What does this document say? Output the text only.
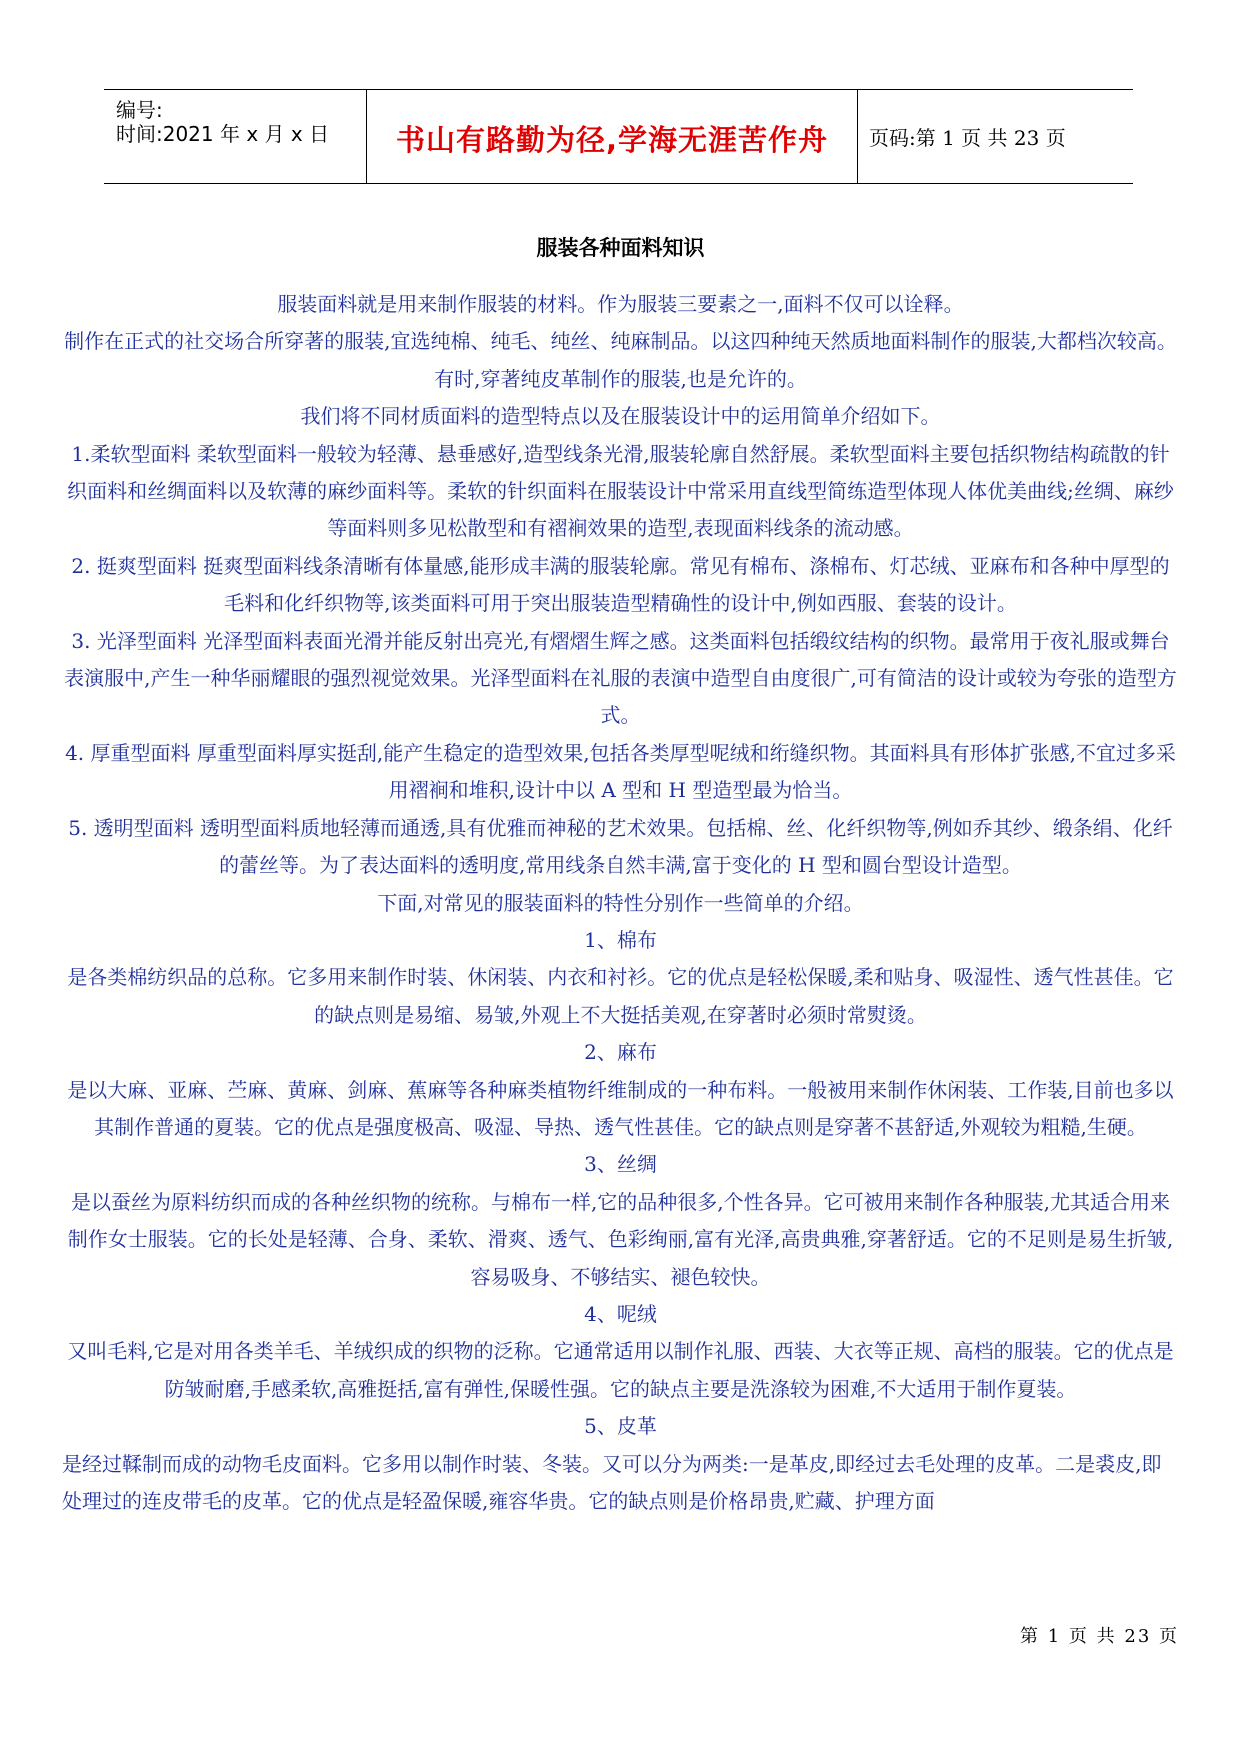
编号:
时间:2021 年 x 月 x 日	书山有路勤为径,学海无涯苦作舟	页码:第 1 页 共 23 页
服装各种面料知识

服装面料就是用来制作服装的材料。作为服装三要素之一,面料不仅可以诠释。

制作在正式的社交场合所穿著的服装,宜选纯棉、纯毛、纯丝、纯麻制品。以这四种纯天然质地面料制作的服装,大都档次较高。有时,穿著纯皮革制作的服装,也是允许的。

我们将不同材质面料的造型特点以及在服装设计中的运用简单介绍如下。

1.柔软型面料 柔软型面料一般较为轻薄、悬垂感好,造型线条光滑,服装轮廓自然舒展。柔软型面料主要包括织物结构疏散的针织面料和丝绸面料以及软薄的麻纱面料等。柔软的针织面料在服装设计中常采用直线型简练造型体现人体优美曲线;丝绸、麻纱等面料则多见松散型和有褶裥效果的造型,表现面料线条的流动感。

2. 挺爽型面料 挺爽型面料线条清晰有体量感,能形成丰满的服装轮廓。常见有棉布、涤棉布、灯芯绒、亚麻布和各种中厚型的毛料和化纤织物等,该类面料可用于突出服装造型精确性的设计中,例如西服、套装的设计。

3. 光泽型面料 光泽型面料表面光滑并能反射出亮光,有熠熠生辉之感。这类面料包括缎纹结构的织物。最常用于夜礼服或舞台表演服中,产生一种华丽耀眼的强烈视觉效果。光泽型面料在礼服的表演中造型自由度很广,可有简洁的设计或较为夸张的造型方式。

4. 厚重型面料 厚重型面料厚实挺刮,能产生稳定的造型效果,包括各类厚型呢绒和绗缝织物。其面料具有形体扩张感,不宜过多采用褶裥和堆积,设计中以 A 型和 H 型造型最为恰当。

5. 透明型面料 透明型面料质地轻薄而通透,具有优雅而神秘的艺术效果。包括棉、丝、化纤织物等,例如乔其纱、缎条绢、化纤的蕾丝等。为了表达面料的透明度,常用线条自然丰满,富于变化的 H 型和圆台型设计造型。

下面,对常见的服装面料的特性分别作一些简单的介绍。

1、棉布

是各类棉纺织品的总称。它多用来制作时装、休闲装、内衣和衬衫。它的优点是轻松保暖,柔和贴身、吸湿性、透气性甚佳。它的缺点则是易缩、易皱,外观上不大挺括美观,在穿著时必须时常熨烫。

2、麻布

是以大麻、亚麻、苎麻、黄麻、剑麻、蕉麻等各种麻类植物纤维制成的一种布料。一般被用来制作休闲装、工作装,目前也多以其制作普通的夏装。它的优点是强度极高、吸湿、导热、透气性甚佳。它的缺点则是穿著不甚舒适,外观较为粗糙,生硬。

3、丝绸

是以蚕丝为原料纺织而成的各种丝织物的统称。与棉布一样,它的品种很多,个性各异。它可被用来制作各种服装,尤其适合用来制作女士服装。它的长处是轻薄、合身、柔软、滑爽、透气、色彩绚丽,富有光泽,高贵典雅,穿著舒适。它的不足则是易生折皱,容易吸身、不够结实、褪色较快。

4、呢绒

又叫毛料,它是对用各类羊毛、羊绒织成的织物的泛称。它通常适用以制作礼服、西装、大衣等正规、高档的服装。它的优点是防皱耐磨,手感柔软,高雅挺括,富有弹性,保暖性强。它的缺点主要是洗涤较为困难,不大适用于制作夏装。

5、皮革

是经过鞣制而成的动物毛皮面料。它多用以制作时装、冬装。又可以分为两类:一是革皮,即经过去毛处理的皮革。二是裘皮,即处理过的连皮带毛的皮革。它的优点是轻盈保暖,雍容华贵。它的缺点则是价格昂贵,贮藏、护理方面

第 1 页 共 23 页
